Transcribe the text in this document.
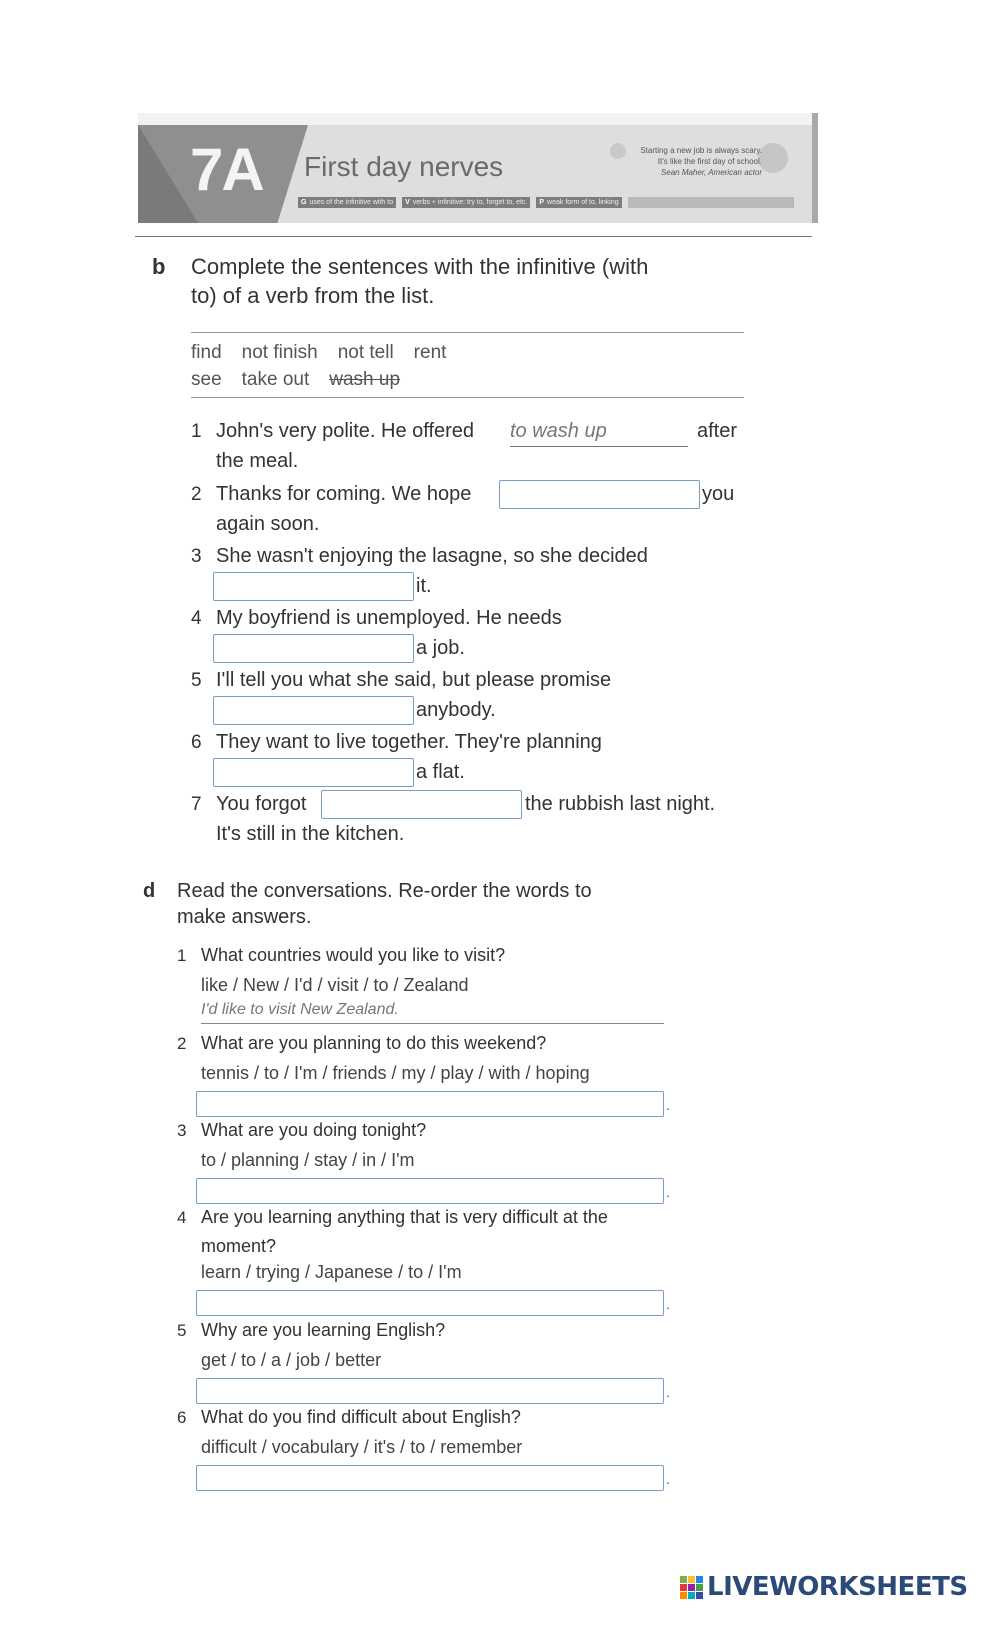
7A First day nerves
Starting a new job is always scary.
It's like the first day of school.
Sean Maher, American actor
G uses of the infinitive with to	V verbs + infinitive: try to, forget to, etc.	P weak form of to, linking
b Complete the sentences with the infinitive (with
to) of a verb from the list.
find not finish not tell rent
see take out wash up
1 John's very polite. He offered to wash up	after
the meal.
2 Thanks for coming. We hope	you
again soon.
3 She wasn't enjoying the lasagne, so she decided
it.
4 My boyfriend is unemployed. He needs
a job.
5 I'll tell you what she said, but please promise
anybody.
6 They want to live together. They're planning
a flat.
7 You forgot	the rubbish last night.
It's still in the kitchen.
d Read the conversations. Re-order the words to
make answers.
1 What countries would you like to visit?
like / New / I'd / visit / to / Zealand
I'd like to visit New Zealand.
2 What are you planning to do this weekend?
tennis / to / I'm / friends / my / play / with / hoping
.
3 What are you doing tonight?
to / planning / stay / in / I'm
.
4 Are you learning anything that is very difficult at the
moment?
learn / trying / Japanese / to / I'm
.
5 Why are you learning English?
get / to / a / job / better
.
6 What do you find difficult about English?
difficult / vocabulary / it's / to / remember
.
LIVEWORKSHEETS
